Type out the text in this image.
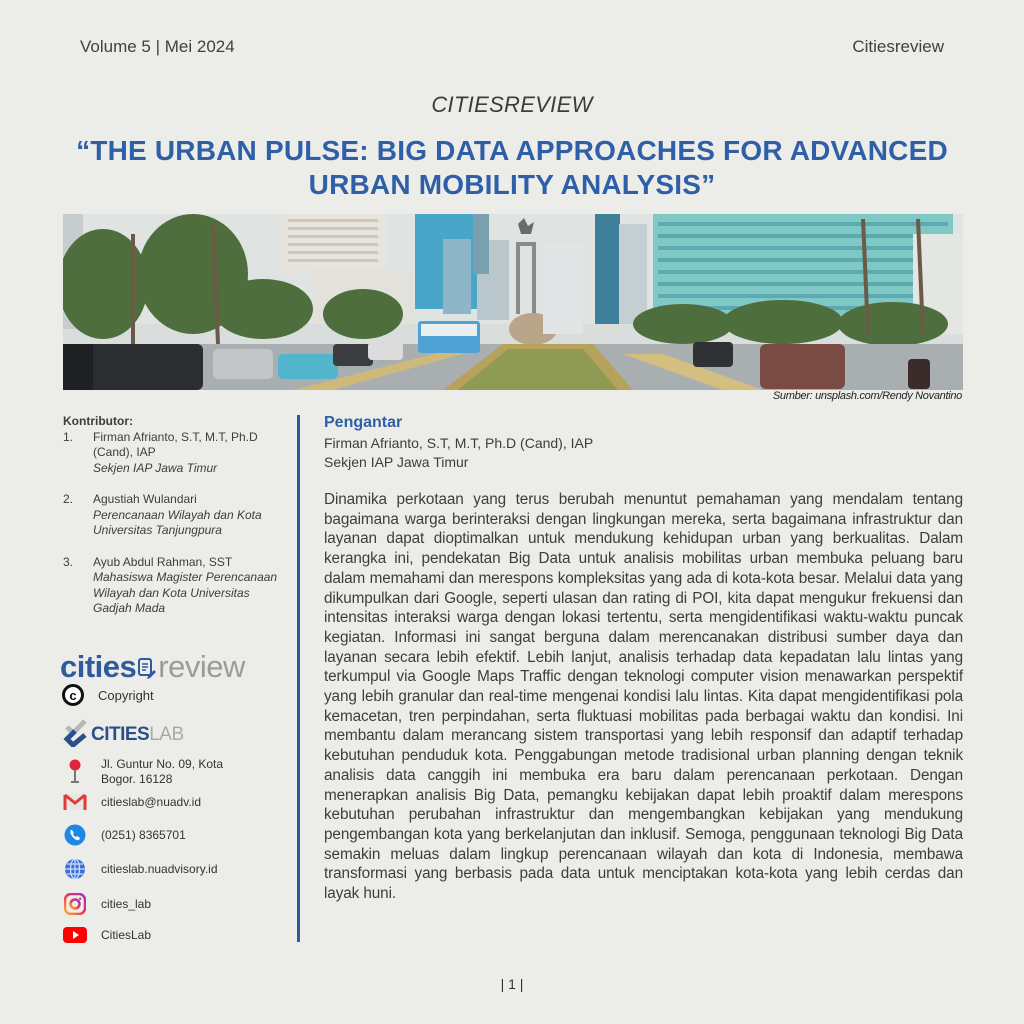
Volume 5 | Mei 2024	Citiesreview
CITIESREVIEW
“THE URBAN PULSE: BIG DATA APPROACHES FOR ADVANCED URBAN MOBILITY ANALYSIS”
Sumber: unsplash.com/Rendy Novantino
Kontributor:
1.	Firman Afrianto, S.T, M.T, Ph.D (Cand), IAP
Sekjen IAP Jawa Timur
2.	Agustiah Wulandari
Perencanaan Wilayah dan Kota Universitas Tanjungpura
3.	Ayub Abdul Rahman, SST
Mahasiswa Magister Perencanaan Wilayah dan Kota Universitas Gadjah Mada
cities review
c	Copyright
CITIES LAB
Jl. Guntur No. 09, Kota Bogor. 16128
citieslab@nuadv.id
(0251) 8365701
citieslab.nuadvisory.id
cities_lab
CitiesLab
Pengantar
Firman Afrianto, S.T, M.T, Ph.D (Cand), IAP
Sekjen IAP Jawa Timur
Dinamika perkotaan yang terus berubah menuntut pemahaman yang mendalam tentang bagaimana warga berinteraksi dengan lingkungan mereka, serta bagaimana infrastruktur dan layanan dapat dioptimalkan untuk mendukung kehidupan urban yang berkualitas. Dalam kerangka ini, pendekatan Big Data untuk analisis mobilitas urban membuka peluang baru dalam memahami dan merespons kompleksitas yang ada di kota-kota besar. Melalui data yang dikumpulkan dari Google, seperti ulasan dan rating di POI, kita dapat mengukur frekuensi dan intensitas interaksi warga dengan lokasi tertentu, serta mengidentifikasi waktu-waktu puncak kegiatan. Informasi ini sangat berguna dalam merencanakan distribusi sumber daya dan layanan secara lebih efektif. Lebih lanjut, analisis terhadap data kepadatan lalu lintas yang terkumpul via Google Maps Traffic dengan teknologi computer vision menawarkan perspektif yang lebih granular dan real-time mengenai kondisi lalu lintas. Kita dapat mengidentifikasi pola kemacetan, tren perpindahan, serta fluktuasi mobilitas pada berbagai waktu dan kondisi. Ini membantu dalam merancang sistem transportasi yang lebih responsif dan adaptif terhadap kebutuhan penduduk kota. Penggabungan metode tradisional urban planning dengan teknik analisis data canggih ini membuka era baru dalam perencanaan perkotaan. Dengan menerapkan analisis Big Data, pemangku kebijakan dapat lebih proaktif dalam merespons kebutuhan perubahan infrastruktur dan mengembangkan kebijakan yang mendukung pengembangan kota yang berkelanjutan dan inklusif. Semoga, penggunaan teknologi Big Data semakin meluas dalam lingkup perencanaan wilayah dan kota di Indonesia, membawa transformasi yang berbasis pada data untuk menciptakan kota-kota yang lebih cerdas dan layak huni.
| 1 |
